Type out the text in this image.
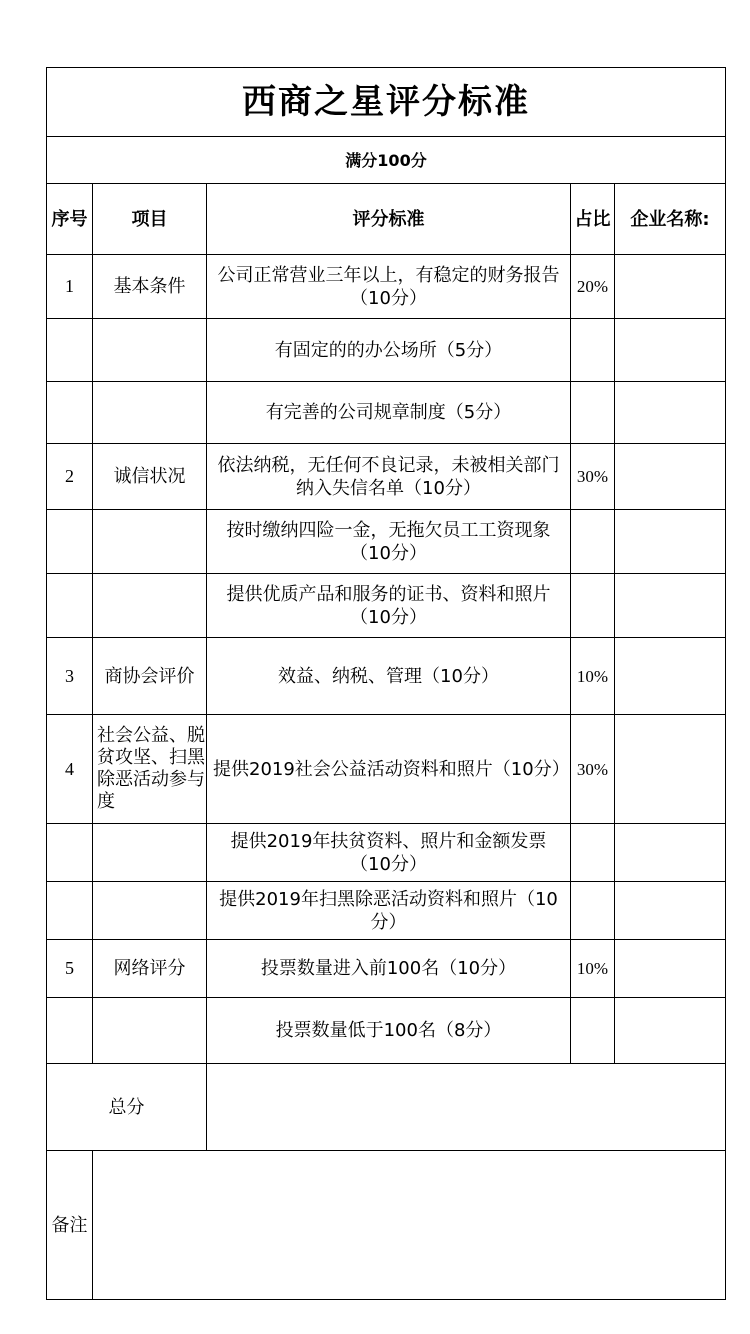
西商之星评分标准				
满分100分				
序号	项目	评分标准	占比	企业名称:
1	基本条件	公司正常营业三年以上，有稳定的财务报告（10分）	20%	
		有固定的的办公场所（5分）		
		有完善的公司规章制度（5分）		
2	诚信状况	依法纳税，无任何不良记录，未被相关部门纳入失信名单（10分）	30%	
		按时缴纳四险一金，无拖欠员工工资现象（10分）		
		提供优质产品和服务的证书、资料和照片（10分）		
3	商协会评价	效益、纳税、管理（10分）	10%	
4	社会公益、脱贫攻坚、扫黑除恶活动参与度	提供2019社会公益活动资料和照片（10分）	30%	
		提供2019年扶贫资料、照片和金额发票（10分）		
		提供2019年扫黑除恶活动资料和照片（10分）		
5	网络评分	投票数量进入前100名（10分）	10%	
		投票数量低于100名（8分）		
总分				
备注				
